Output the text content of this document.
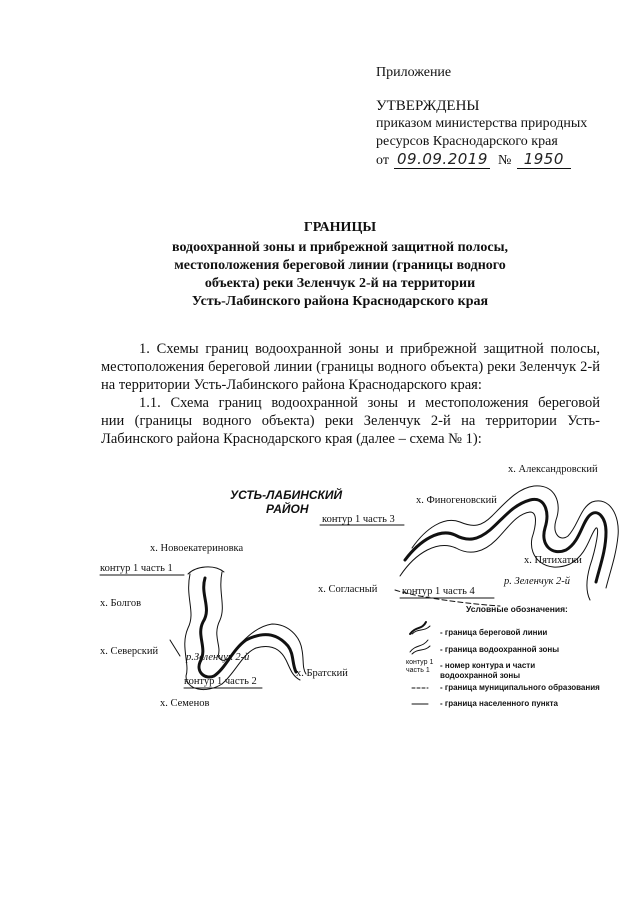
Приложение
УТВЕРЖДЕНЫ
приказом министерства природных
ресурсов Краснодарского края
от 09.09.2019 № 1950
ГРАНИЦЫ
водоохранной зоны и прибрежной защитной полосы,
местоположения береговой линии (границы водного
объекта) реки Зеленчук 2-й на территории
Усть-Лабинского района Краснодарского края
1. Схемы границ водоохранной зоны и прибрежной защитной полосы,
местоположения береговой линии (границы водного объекта) реки Зеленчук 2-й
на территории Усть-Лабинского района Краснодарского края:
1.1. Схема границ водоохранной зоны и местоположения береговой
нии (границы водного объекта) реки Зеленчук 2-й на территории Усть-
Лабинского района Краснодарского края (далее – схема № 1):
УСТЬ-ЛАБИНСКИЙ
РАЙОН
х. Александровский
х. Финогеновский
контур 1 часть 3
х. Новоекатериновка
х. Пятихатки
контур 1 часть 1
х. Согласный контур 1 часть 4
р. Зеленчук 2-й
х. Болгов	Условные обозначения:
- граница береговой линии
- граница водоохранной зоны
контур 1
часть 1
- номер контура и части водоохранной зоны
- граница муниципального образования
- граница населенного пункта
х. Северский
р.Зеленчук 2-й
х. Братский
контур 1 часть 2
х. Семенов
